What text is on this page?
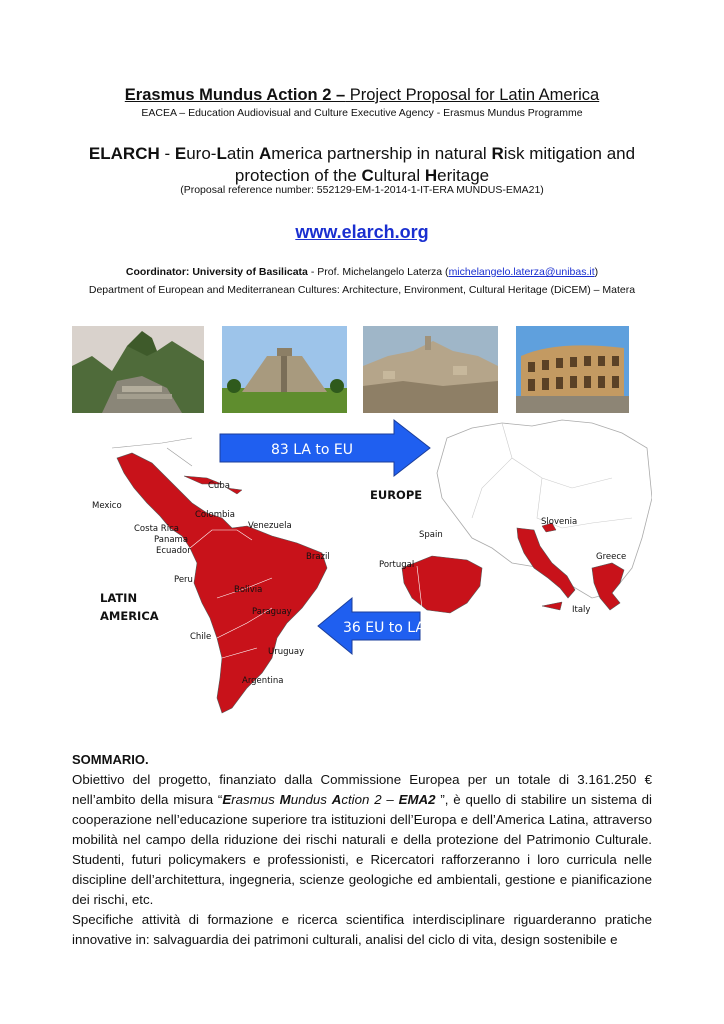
Erasmus Mundus Action 2 – Project Proposal for Latin America
EACEA – Education Audiovisual and Culture Executive Agency - Erasmus Mundus Programme
ELARCH - Euro-Latin America partnership in natural Risk mitigation and
protection of the Cultural Heritage
(Proposal reference number: 552129-EM-1-2014-1-IT-ERA MUNDUS-EMA21)
www.elarch.org
Coordinator: University of Basilicata - Prof. Michelangelo Laterza (michelangelo.laterza@unibas.it)
Department of European and Mediterranean Cultures: Architecture, Environment, Cultural Heritage (DiCEM) – Matera
83 LA to EU
36 EU to LA
EUROPE
LATIN
AMERICA
Cuba
Mexico
Colombia
Costa Rica	Venezuela
Panama
Ecuador
Brazil
Peru
Bolivia
Paraguay
Chile
Uruguay
Argentina
Spain
Slovenia
Portugal
Greece
Italy
SOMMARIO.

Obiettivo del progetto, finanziato dalla Commissione Europea per un totale di 3.161.250 € nell’ambito della misura “Erasmus Mundus Action 2 – EMA2 ”, è quello di stabilire un sistema di cooperazione nell’educazione superiore tra istituzioni dell’Europa e dell’America Latina, attraverso mobilità nel campo della riduzione dei rischi naturali e della protezione del Patrimonio Culturale. Studenti, futuri policymakers e professionisti, e Ricercatori rafforzeranno i loro curricula nelle discipline dell’architettura, ingegneria, scienze geologiche ed ambientali, gestione e pianificazione dei rischi, etc.

Specifiche attività di formazione e ricerca scientifica interdisciplinare riguarderanno pratiche innovative in: salvaguardia dei patrimoni culturali, analisi del ciclo di vita, design sostenibile e
